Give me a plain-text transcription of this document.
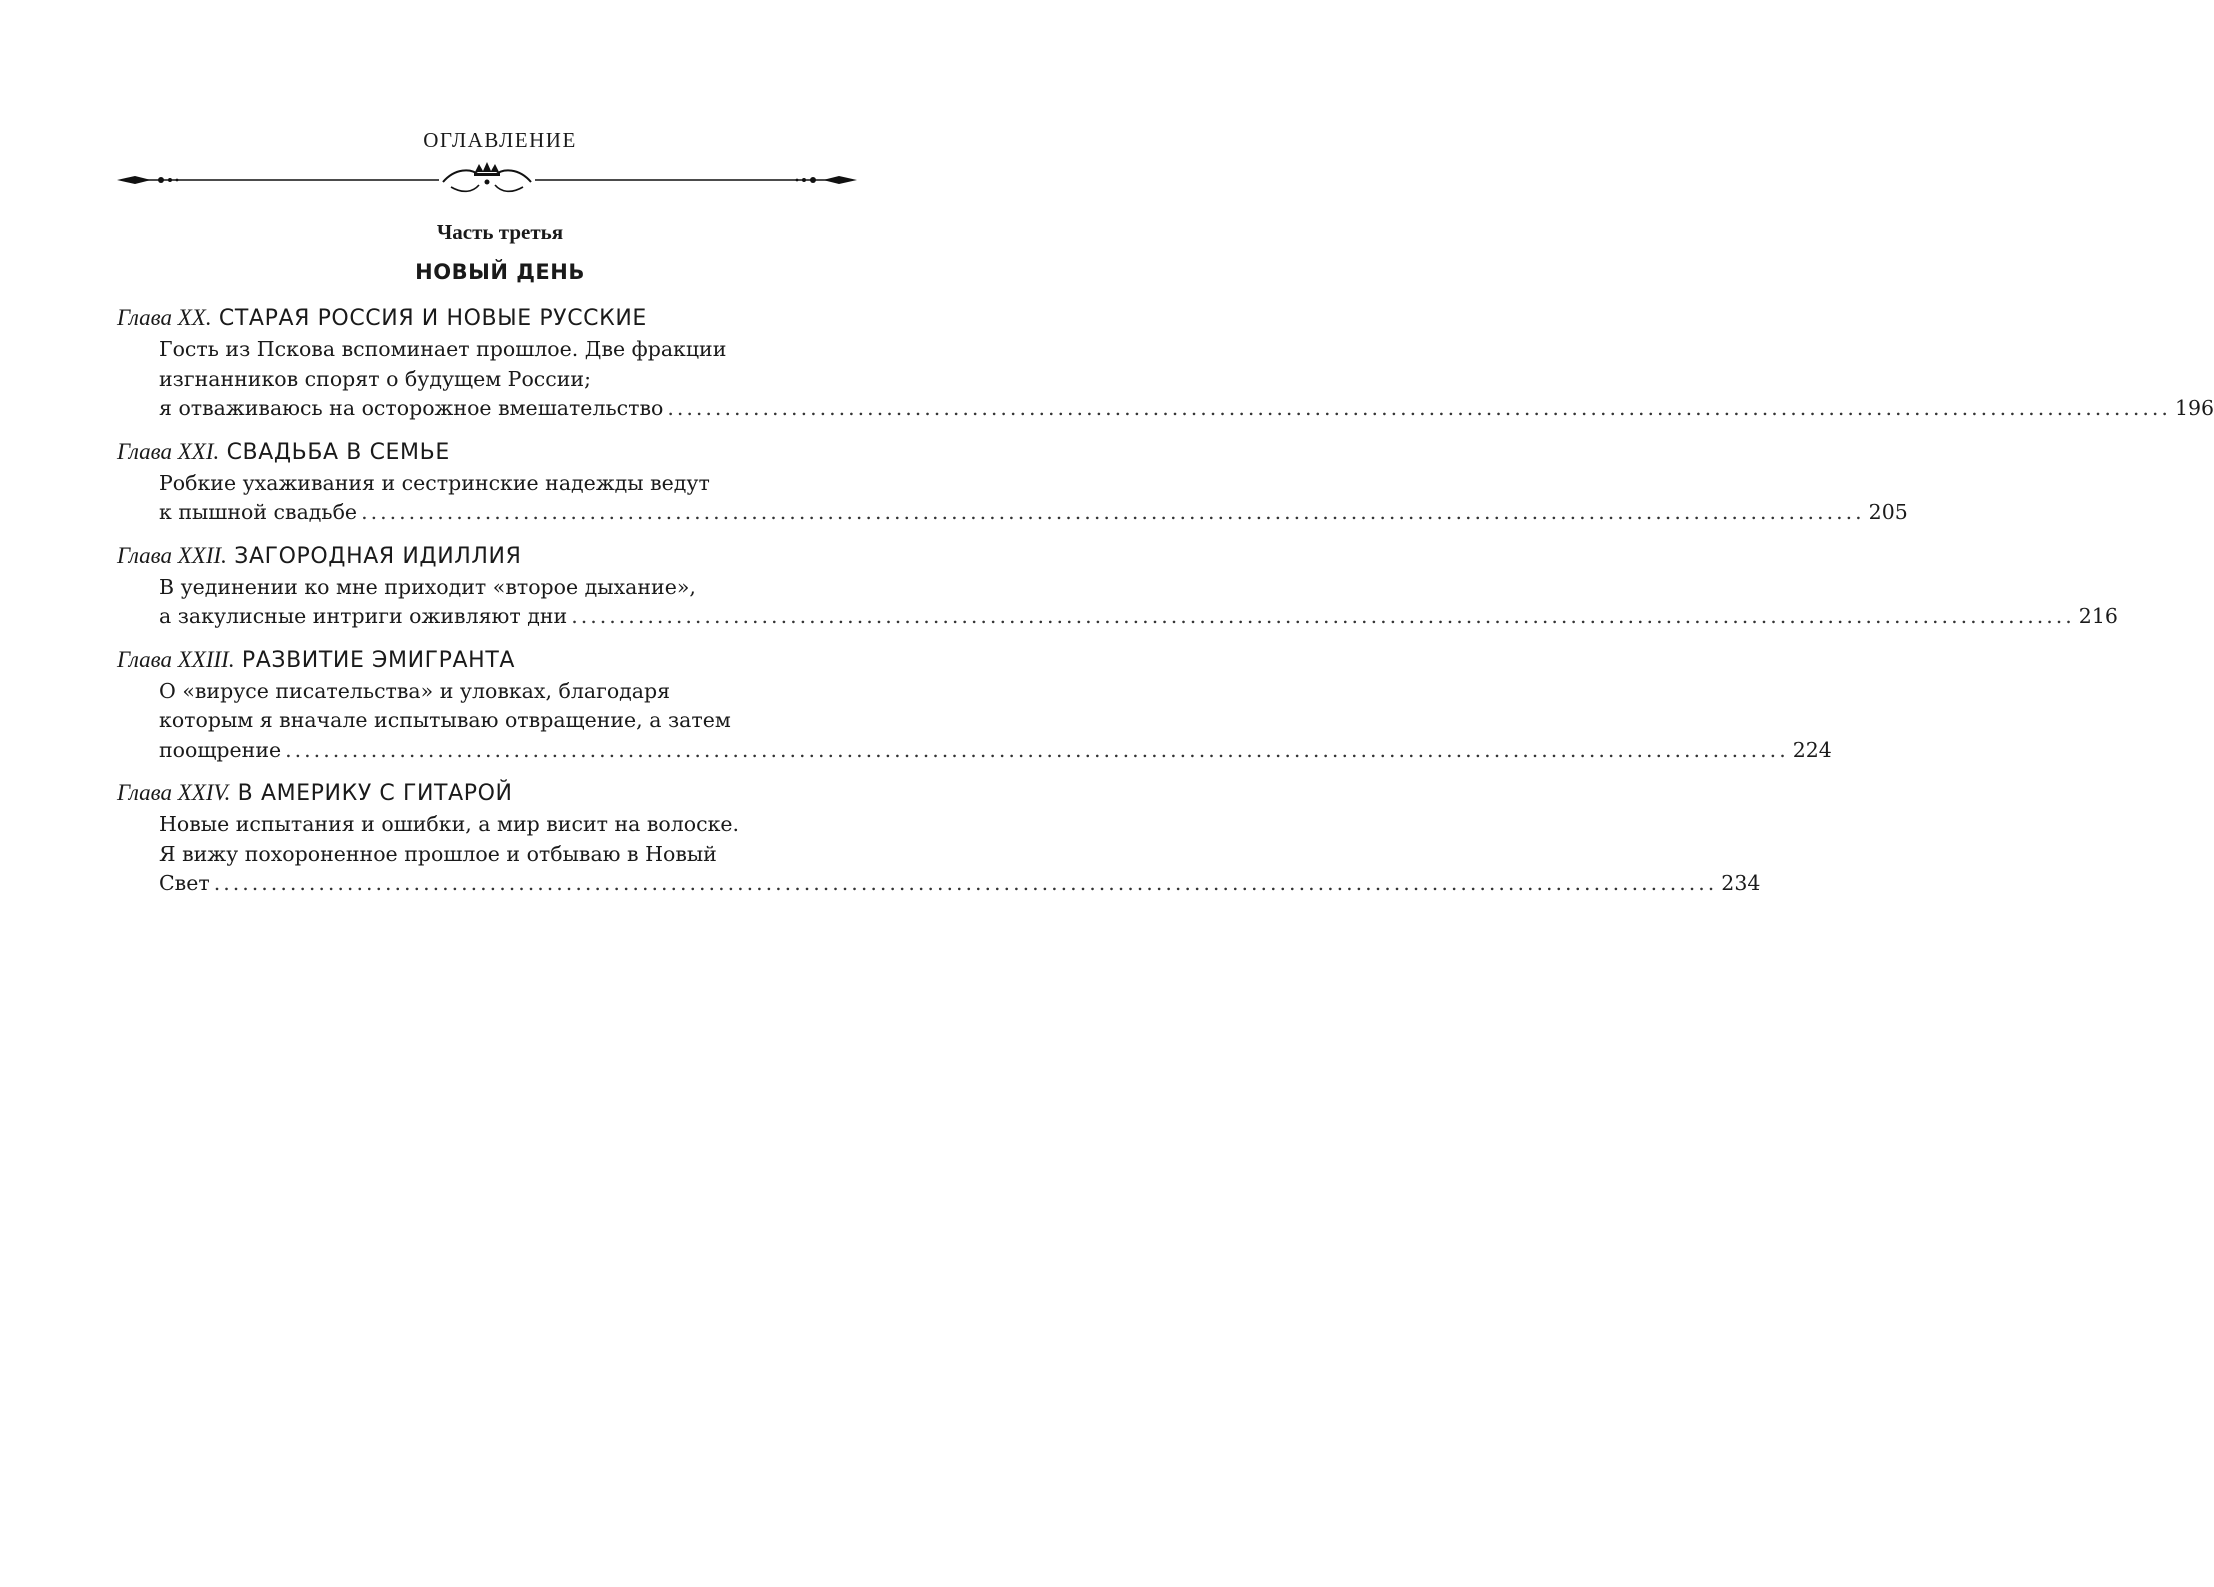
ОГЛАВЛЕНИЕ
Часть третья
НОВЫЙ ДЕНЬ
Глава XX. СТАРАЯ РОССИЯ И НОВЫЕ РУССКИЕ
Гость из Пскова вспоминает прошлое. Две фракции
изгнанников спорят о будущем России;
я отваживаюсь на осторожное вмешательство .............................................................................................................................................................. 196
Глава XXI. СВАДЬБА В СЕМЬЕ
Робкие ухаживания и сестринские надежды ведут
к пышной свадьбе .............................................................................................................................................................. 205
Глава XXII. ЗАГОРОДНАЯ ИДИЛЛИЯ
В уединении ко мне приходит «второе дыхание»,
а закулисные интриги оживляют дни .............................................................................................................................................................. 216
Глава XXIII. РАЗВИТИЕ ЭМИГРАНТА
О «вирусе писательства» и уловках, благодаря
которым я вначале испытываю отвращение, а затем
поощрение .............................................................................................................................................................. 224
Глава XXIV. В АМЕРИКУ С ГИТАРОЙ
Новые испытания и ошибки, а мир висит на волоске.
Я вижу похороненное прошлое и отбываю в Новый
Свет .............................................................................................................................................................. 234
